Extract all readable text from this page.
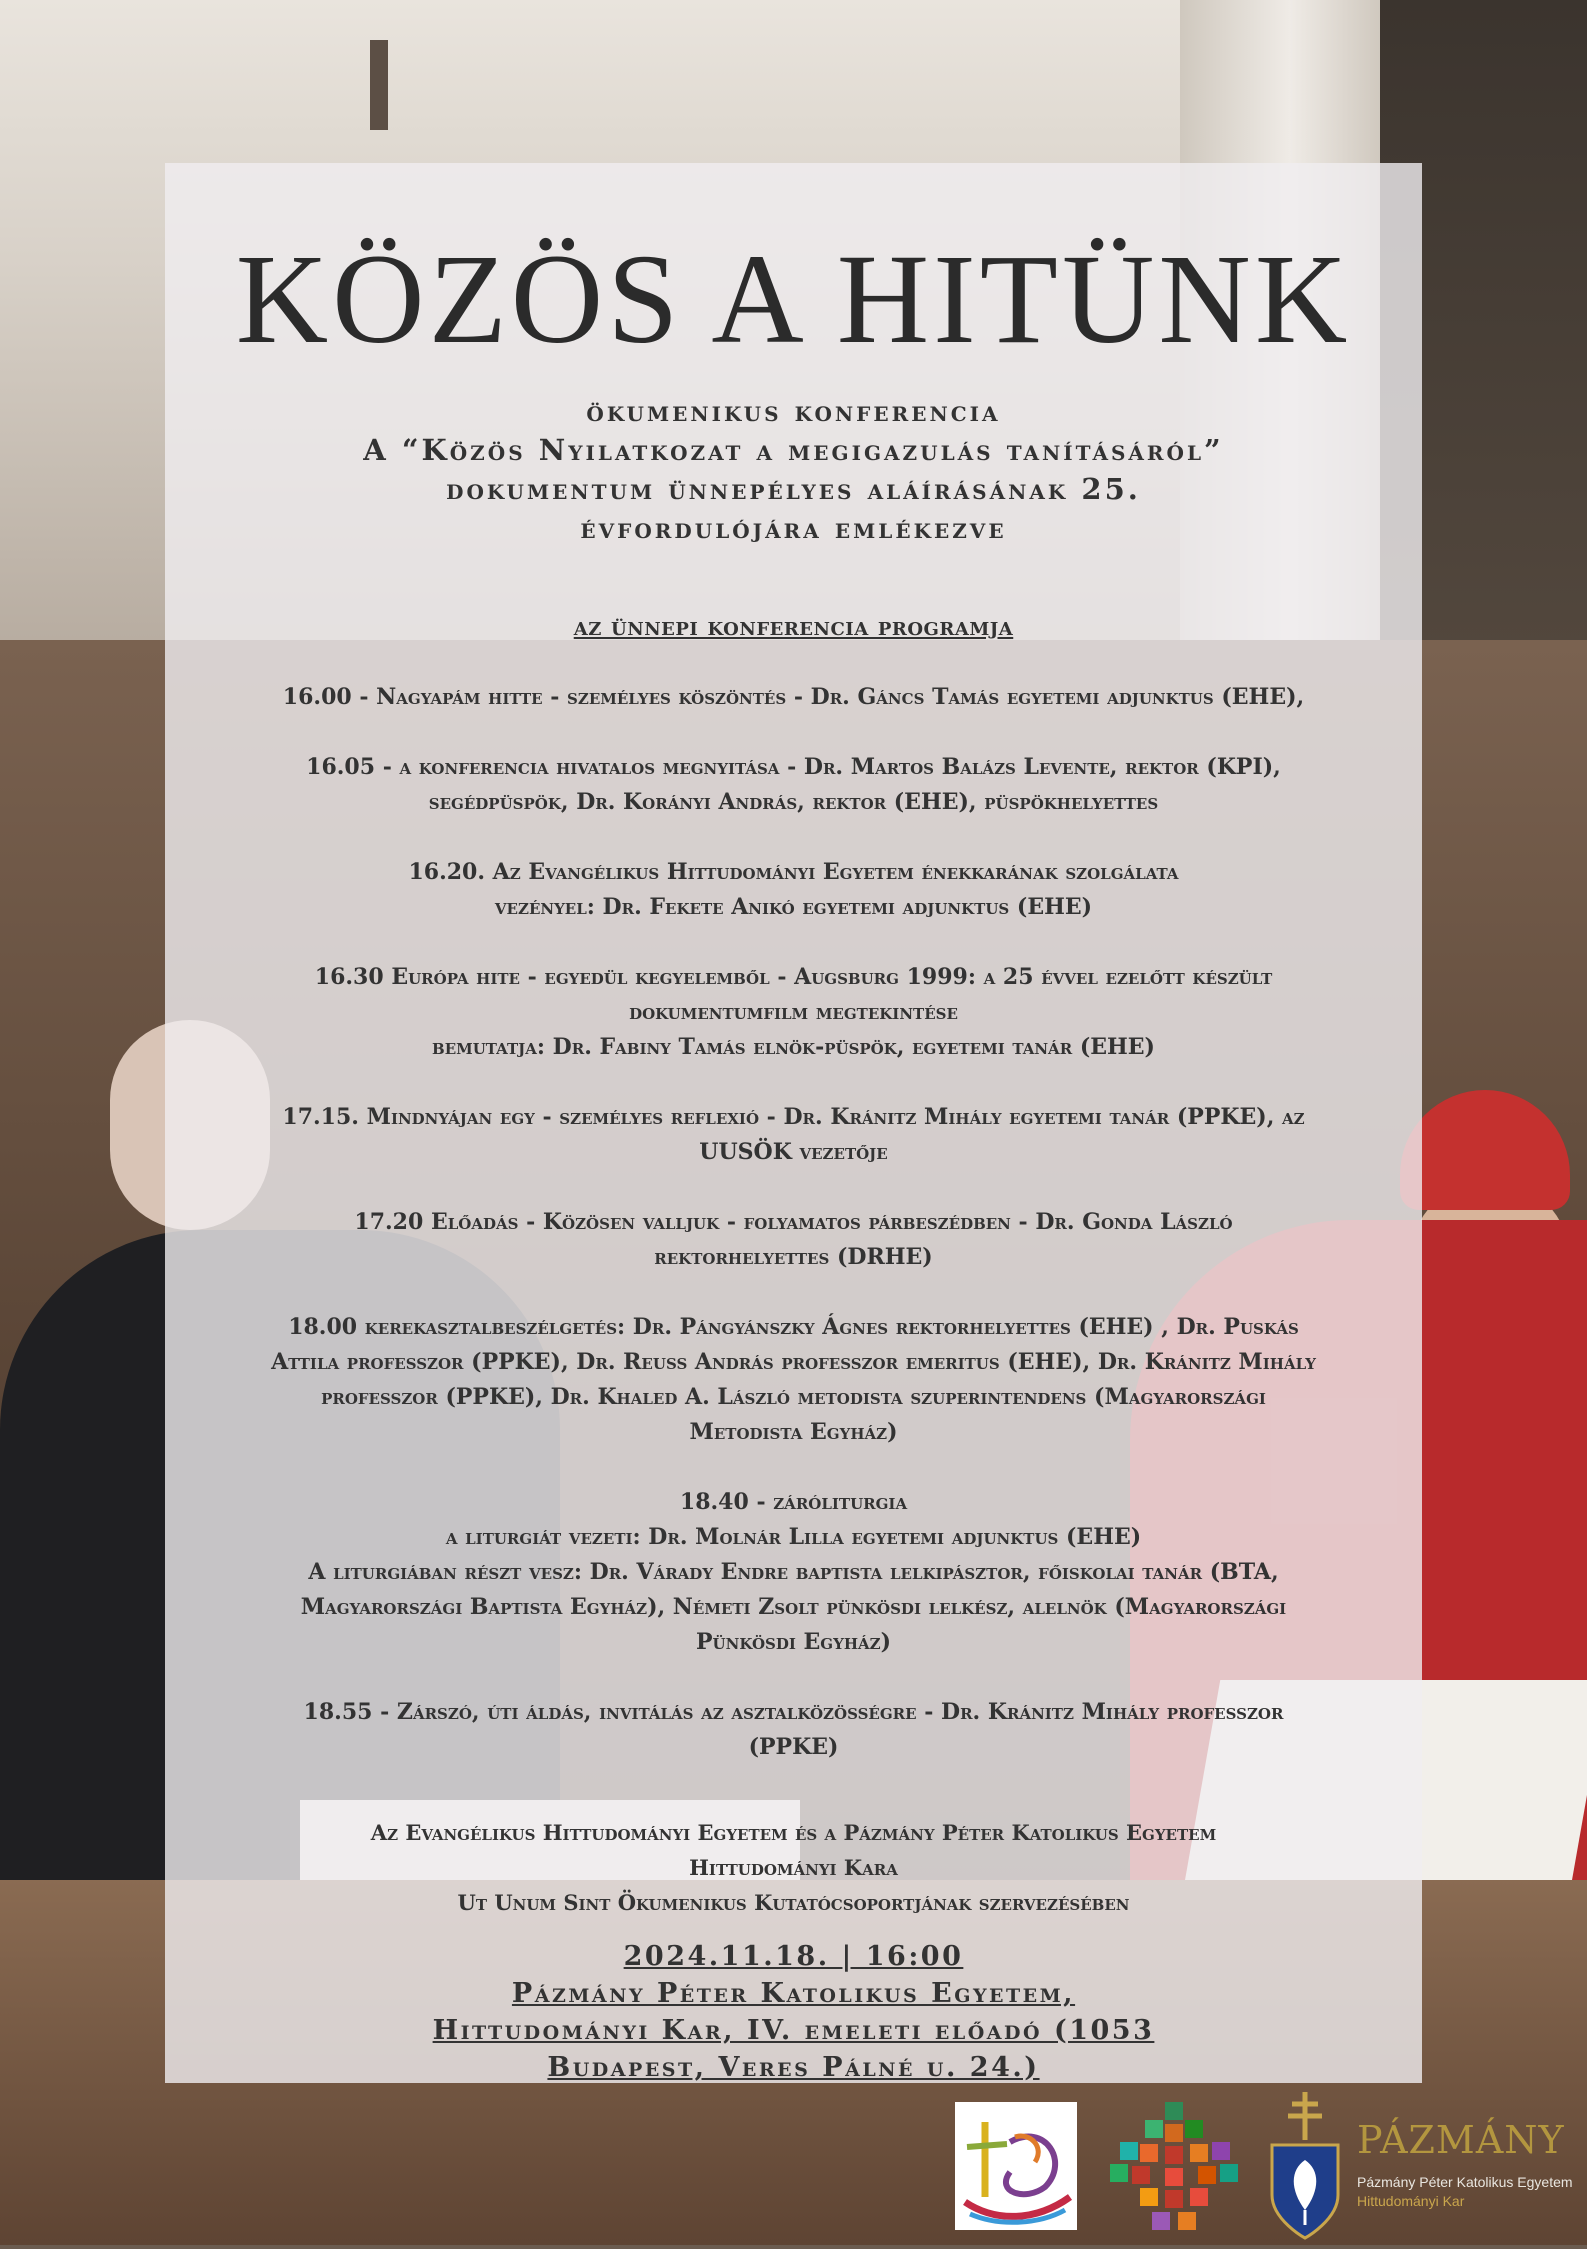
KÖZÖS A HITÜNK
ökumenikus konferencia
A “Közös Nyilatkozat a megigazulás tanításáról”
dokumentum ünnepélyes aláírásának 25.
évfordulójára emlékezve
az ünnepi konferencia programja
16.00 - Nagyapám hitte - személyes köszöntés - Dr. Gáncs Tamás egyetemi adjunktus (EHE),
16.05 - a konferencia hivatalos megnyitása - Dr. Martos Balázs Levente, rektor (KPI),
segédpüspök, Dr. Korányi András, rektor (EHE), püspökhelyettes
16.20. Az Evangélikus Hittudományi Egyetem énekkarának szolgálata
vezényel: Dr. Fekete Anikó egyetemi adjunktus (EHE)
16.30 Európa hite - egyedül kegyelemből - Augsburg 1999: a 25 évvel ezelőtt készült
dokumentumfilm megtekintése
bemutatja: Dr. Fabiny Tamás elnök-püspök, egyetemi tanár (EHE)
17.15. Mindnyájan egy - személyes reflexió - Dr. Kránitz Mihály egyetemi tanár (PPKE), az
UUSÖK vezetője
17.20 Előadás - Közösen valljuk - folyamatos párbeszédben - Dr. Gonda László
rektorhelyettes (DRHE)
18.00 kerekasztalbeszélgetés: Dr. Pángyánszky Ágnes rektorhelyettes (EHE) , Dr. Puskás
Attila professzor (PPKE), Dr. Reuss András professzor emeritus (EHE), Dr. Kránitz Mihály
professzor (PPKE), Dr. Khaled A. László metodista szuperintendens (Magyarországi
Metodista Egyház)
18.40 - záróliturgia
a liturgiát vezeti: Dr. Molnár Lilla egyetemi adjunktus (EHE)
A liturgiában részt vesz: Dr. Várady Endre baptista lelkipásztor, főiskolai tanár (BTA,
Magyarországi Baptista Egyház), Németi Zsolt pünkösdi lelkész, alelnök (Magyarországi
Pünkösdi Egyház)
18.55 - Zárszó, úti áldás, invitálás az asztalközösségre - Dr. Kránitz Mihály professzor
(PPKE)
Az Evangélikus Hittudományi Egyetem és a Pázmány Péter Katolikus Egyetem
Hittudományi Kara
Ut Unum Sint Ökumenikus Kutatócsoportjának szervezésében
2024.11.18. | 16:00
Pázmány Péter Katolikus Egyetem,
Hittudományi Kar, IV. emeleti előadó (1053
Budapest, Veres Pálné u. 24.)
PÁZMÁNY
Pázmány Péter Katolikus Egyetem
Hittudományi Kar
